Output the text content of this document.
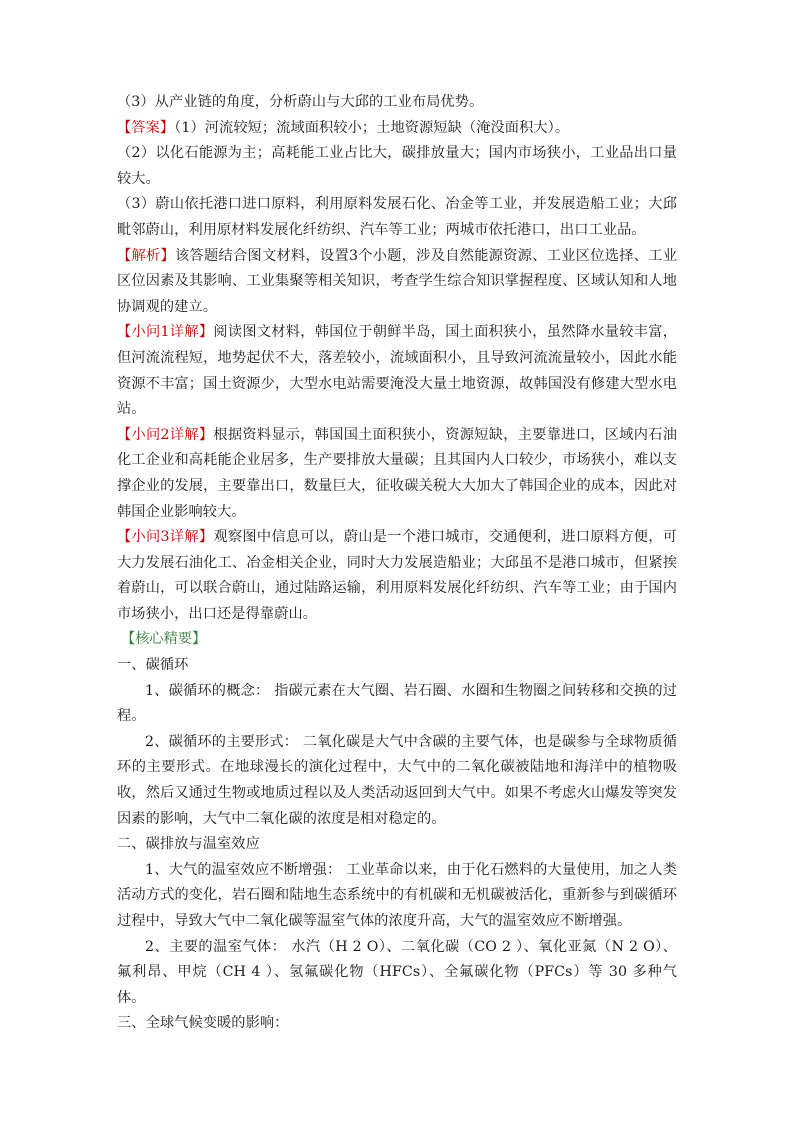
（3）从产业链的角度，分析蔚山与大邱的工业布局优势。

【答案】（1）河流较短；流域面积较小；土地资源短缺（淹没面积大）。

（2）以化石能源为主；高耗能工业占比大，碳排放量大；国内市场狭小，工业品出口量较大。

（3）蔚山依托港口进口原料，利用原料发展石化、冶金等工业，并发展造船工业；大邱毗邻蔚山，利用原材料发展化纤纺织、汽车等工业；两城市依托港口，出口工业品。

【解析】该答题结合图文材料，设置3个小题，涉及自然能源资源、工业区位选择、工业区位因素及其影响、工业集聚等相关知识，考查学生综合知识掌握程度、区域认知和人地协调观的建立。

【小问1详解】阅读图文材料，韩国位于朝鲜半岛，国土面积狭小，虽然降水量较丰富，但河流流程短，地势起伏不大，落差较小，流域面积小，且导致河流流量较小，因此水能资源不丰富；国土资源少，大型水电站需要淹没大量土地资源，故韩国没有修建大型水电站。

【小问2详解】根据资料显示，韩国国土面积狭小，资源短缺，主要靠进口，区域内石油化工企业和高耗能企业居多，生产要排放大量碳；且其国内人口较少，市场狭小，难以支撑企业的发展，主要靠出口，数量巨大，征收碳关税大大加大了韩国企业的成本，因此对韩国企业影响较大。

【小问3详解】观察图中信息可以，蔚山是一个港口城市，交通便利，进口原料方便，可大力发展石油化工、冶金相关企业，同时大力发展造船业；大邱虽不是港口城市，但紧挨着蔚山，可以联合蔚山，通过陆路运输，利用原料发展化纤纺织、汽车等工业；由于国内市场狭小，出口还是得靠蔚山。

【核心精要】

一、碳循环

1、碳循环的概念： 指碳元素在大气圈、岩石圈、水圈和生物圈之间转移和交换的过程。

2、碳循环的主要形式： 二氧化碳是大气中含碳的主要气体，也是碳参与全球物质循环的主要形式。在地球漫长的演化过程中，大气中的二氧化碳被陆地和海洋中的植物吸收，然后又通过生物或地质过程以及人类活动返回到大气中。如果不考虑火山爆发等突发因素的影响，大气中二氧化碳的浓度是相对稳定的。

二、碳排放与温室效应

1、大气的温室效应不断增强： 工业革命以来，由于化石燃料的大量使用，加之人类活动方式的变化，岩石圈和陆地生态系统中的有机碳和无机碳被活化，重新参与到碳循环过程中，导致大气中二氧化碳等温室气体的浓度升高，大气的温室效应不断增强。

2、主要的温室气体： 水汽（H 2 O）、二氧化碳（CO 2 ）、氧化亚氮（N 2 O）、氟利昂、甲烷（CH 4 ）、氢氟碳化物（HFCs）、全氟碳化物（PFCs）等 30 多种气体。

三、全球气候变暖的影响：
